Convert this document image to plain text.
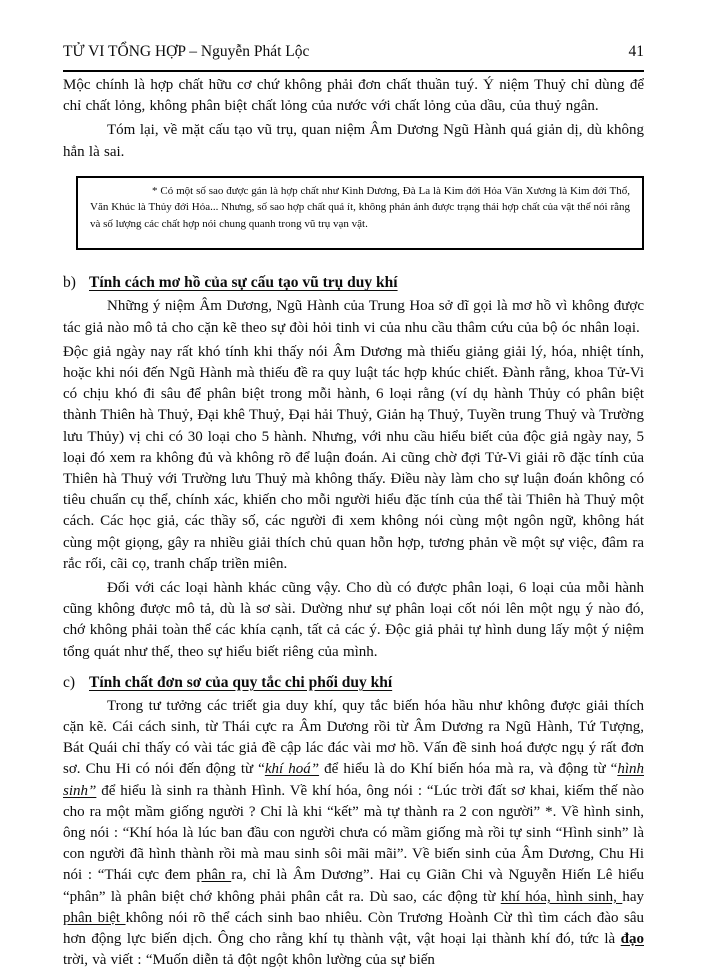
TỬ VI TỔNG HỢP – Nguyễn Phát Lộc	41

Mộc chính là hợp chất hữu cơ chứ không phải đơn chất thuần tuý. Ý niệm Thuỷ chỉ dùng để chỉ chất lỏng, không phân biệt chất lỏng của nước với chất lỏng của dầu, của thuỷ ngân.

Tóm lại, về mặt cấu tạo vũ trụ, quan niệm Âm Dương Ngũ Hành quá giản dị, dù không hẳn là sai.

* Có một số sao được gán là hợp chất như Kình Dương, Đà La là Kim đới Hỏa Văn Xương là Kim đới Thổ, Văn Khúc là Thủy đới Hỏa... Nhưng, số sao hợp chất quá ít, không phản ảnh được trạng thái hợp chất của vật thể nói rằng và số lượng các chất hợp nói chung quanh trong vũ trụ vạn vật.

b) Tính cách mơ hồ của sự cấu tạo vũ trụ duy khí

Những ý niệm Âm Dương, Ngũ Hành của Trung Hoa sở dĩ gọi là mơ hồ vì không được tác giả nào mô tả cho cặn kẽ theo sự đòi hỏi tinh vi của nhu cầu thâm cứu của bộ óc nhân loại.

Độc giả ngày nay rất khó tính khi thấy nói Âm Dương mà thiếu giảng giải lý, hóa, nhiệt tính, hoặc khi nói đến Ngũ Hành mà thiếu đề ra quy luật tác hợp khúc chiết. Đành rằng, khoa Tử-Vi có chịu khó đi sâu để phân biệt trong mỗi hành, 6 loại rằng (ví dụ hành Thủy có phân biệt thành Thiên hà Thuỷ, Đại khê Thuỷ, Đại hải Thuỷ, Giản hạ Thuỷ, Tuyền trung Thuỷ và Trường lưu Thủy) vị chi có 30 loại cho 5 hành. Nhưng, với nhu cầu hiểu biết của độc giả ngày nay, 5 loại đó xem ra không đủ và không rõ để luận đoán. Ai cũng chờ đợi Tử-Vi giải rõ đặc tính của Thiên hà Thuỷ với Trường lưu Thuỷ mà không thấy. Điều này làm cho sự luận đoán không có tiêu chuẩn cụ thể, chính xác, khiến cho mỗi người hiểu đặc tính của thể tài Thiên hà Thuỷ một cách. Các học giả, các thầy số, các người đi xem không nói cùng một ngôn ngữ, không hát cùng một giọng, gây ra nhiều giải thích chủ quan hỗn hợp, tương phản về một sự việc, đâm ra rắc rối, cãi cọ, tranh chấp triền miên.

Đối với các loại hành khác cũng vậy. Cho dù có được phân loại, 6 loại của mỗi hành cũng không được mô tả, dù là sơ sài. Dường như sự phân loại cốt nói lên một ngụ ý nào đó, chớ không phải toàn thể các khía cạnh, tất cả các ý. Độc giả phải tự hình dung lấy một ý niệm tổng quát như thế, theo sự hiểu biết riêng của mình.

c) Tính chất đơn sơ của quy tắc chi phối duy khí

Trong tư tưởng các triết gia duy khí, quy tắc biến hóa hầu như không được giải thích cặn kẽ. Cái cách sinh, từ Thái cực ra Âm Dương rồi từ Âm Dương ra Ngũ Hành, Tứ Tượng, Bát Quái chỉ thấy có vài tác giả đề cập lác đác vài mơ hồ. Vấn đề sinh hoá được ngụ ý rất đơn sơ. Chu Hi có nói đến động từ “khí hoá” để hiểu là do Khí biến hóa mà ra, và động từ “hình sinh” để hiểu là sinh ra thành Hình. Về khí hóa, ông nói : “Lúc trời đất sơ khai, kiếm thế nào cho ra một mầm giống người ? Chỉ là khi “kết” mà tự thành ra 2 con người” *. Về hình sinh, ông nói : “Khí hóa là lúc ban đầu con người chưa có mầm giống mà rồi tự sinh “Hình sinh” là con người đã hình thành rồi mà mau sinh sôi mãi mãi”. Về biến sinh của Âm Dương, Chu Hi nói : “Thái cực đem phân ra, chỉ là Âm Dương”. Hai cụ Giãn Chi và Nguyễn Hiến Lê hiểu “phân” là phân biệt chớ không phải phân cắt ra. Dù sao, các động từ khí hóa, hình sinh, hay phân biệt không nói rõ thể cách sinh bao nhiêu. Còn Trương Hoành Cừ thì tìm cách đào sâu hơn động lực biến dịch. Ông cho rằng khí tụ thành vật, vật hoại lại thành khí đó, tức là đạo trời, và viết : “Muốn diễn tả đột ngột khôn lường của sự biến
